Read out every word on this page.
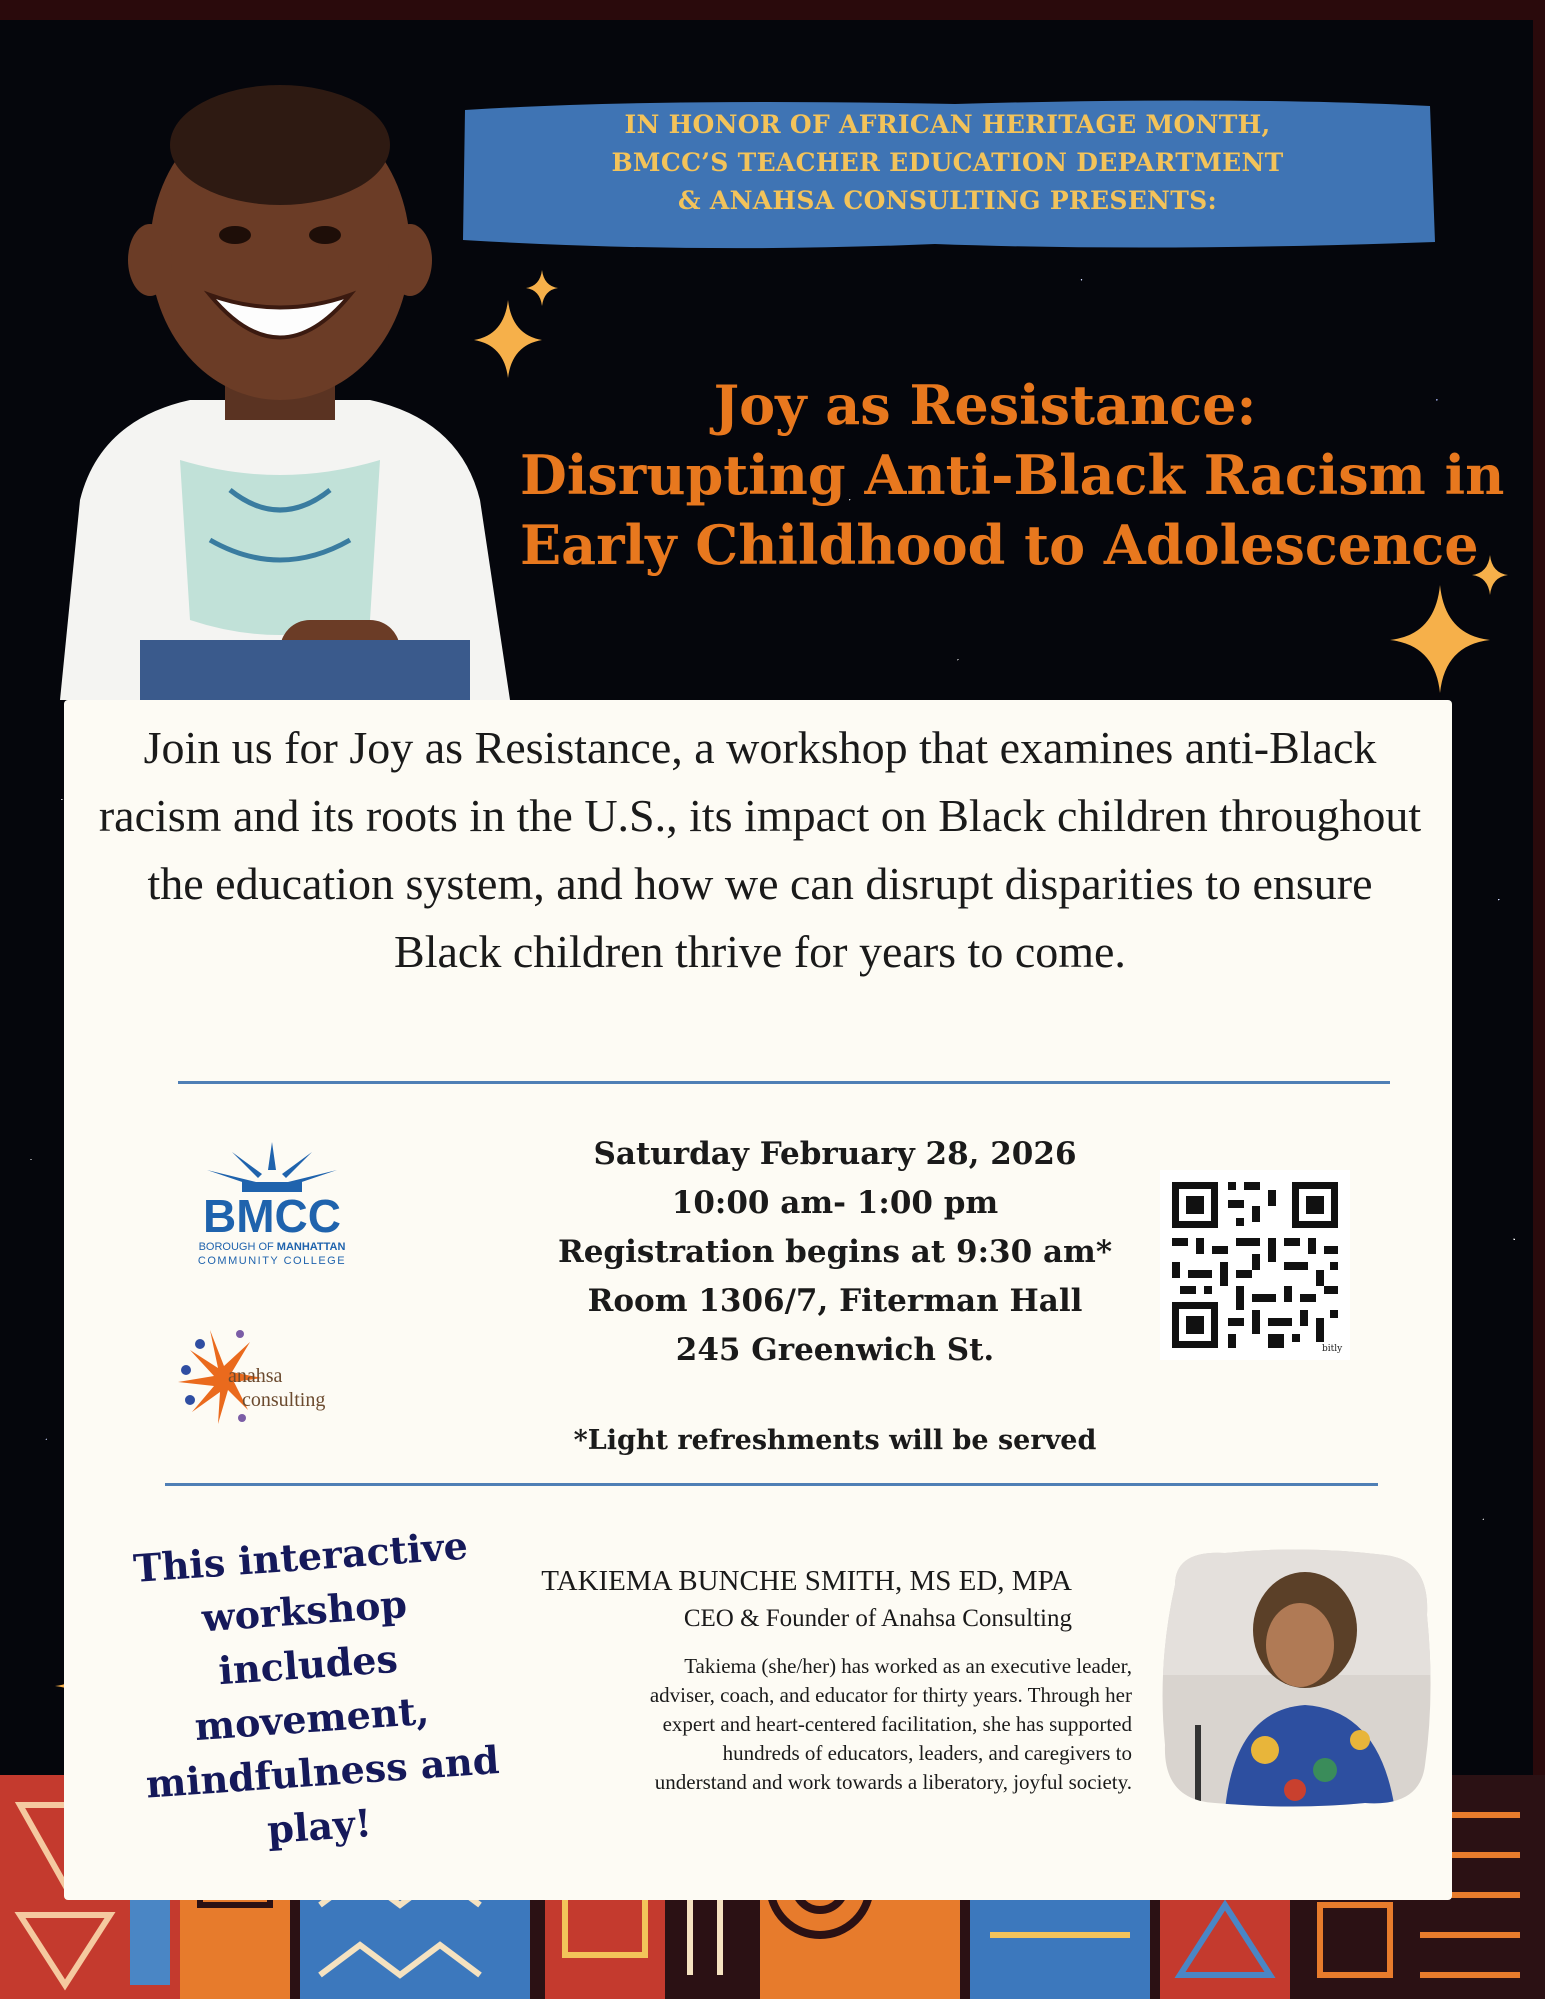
IN HONOR OF AFRICAN HERITAGE MONTH,
BMCC’S TEACHER EDUCATION DEPARTMENT
& ANAHSA CONSULTING PRESENTS:
Joy as Resistance:
Disrupting Anti-Black Racism in
Early Childhood to Adolescence
Join us for Joy as Resistance, a workshop that examines anti-Black racism and its roots in the U.S., its impact on Black children throughout the education system, and how we can disrupt disparities to ensure Black children thrive for years to come.
BMCC
BOROUGH OF MANHATTAN
COMMUNITY COLLEGE
anahsa
consulting
Saturday February 28, 2026
10:00 am- 1:00 pm
Registration begins at 9:30 am*
Room 1306/7, Fiterman Hall
245 Greenwich St.
*Light refreshments will be served
bitly
This interactive
workshop
includes
movement,
mindfulness and
play!
TAKIEMA BUNCHE SMITH, MS ED, MPA
CEO & Founder of Anahsa Consulting
Takiema (she/her) has worked as an executive leader,
adviser, coach, and educator for thirty years. Through her
expert and heart-centered facilitation, she has supported
hundreds of educators, leaders, and caregivers to
understand and work towards a liberatory, joyful society.
